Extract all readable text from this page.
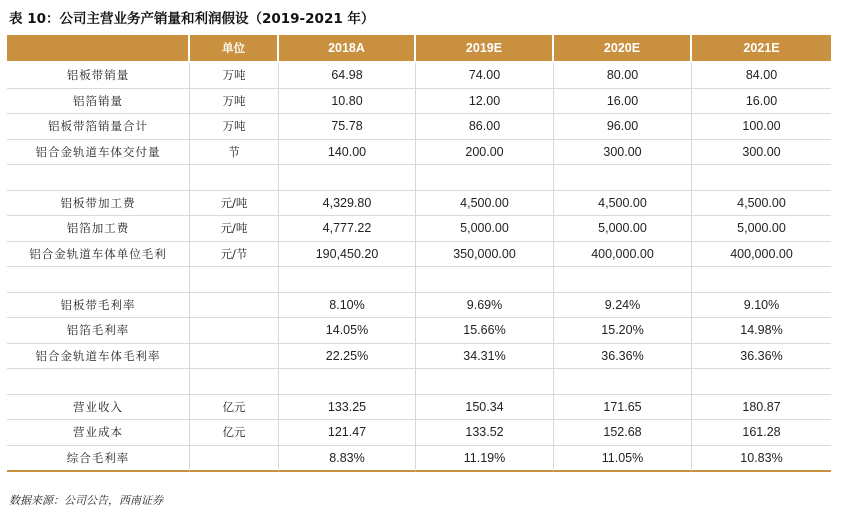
表 10：公司主营业务产销量和利润假设（2019-2021 年）
	单位	2018A	2019E	2020E	2021E
铝板带销量	万吨	64.98	74.00	80.00	84.00
铝箔销量	万吨	10.80	12.00	16.00	16.00
铝板带箔销量合计	万吨	75.78	86.00	96.00	100.00
铝合金轨道车体交付量	节	140.00	200.00	300.00	300.00

铝板带加工费	元/吨	4,329.80	4,500.00	4,500.00	4,500.00
铝箔加工费	元/吨	4,777.22	5,000.00	5,000.00	5,000.00
铝合金轨道车体单位毛利	元/节	190,450.20	350,000.00	400,000.00	400,000.00

铝板带毛利率		8.10%	9.69%	9.24%	9.10%
铝箔毛利率		14.05%	15.66%	15.20%	14.98%
铝合金轨道车体毛利率		22.25%	34.31%	36.36%	36.36%

营业收入	亿元	133.25	150.34	171.65	180.87
营业成本	亿元	121.47	133.52	152.68	161.28
综合毛利率		8.83%	11.19%	11.05%	10.83%
数据来源：公司公告，西南证券
